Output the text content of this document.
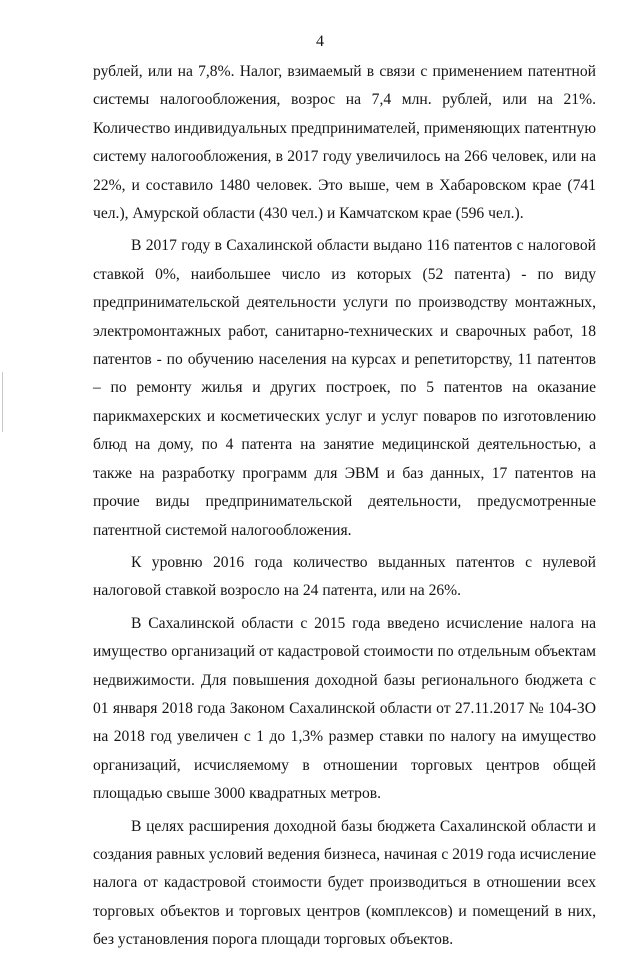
4

рублей, или на 7,8%. Налог, взимаемый в связи с применением патентной системы налогообложения, возрос на 7,4 млн. рублей, или на 21%. Количество индивидуальных предпринимателей, применяющих патентную систему налогообложения, в 2017 году увеличилось на 266 человек, или на 22%, и составило 1480 человек. Это выше, чем в Хабаровском крае (741 чел.), Амурской области (430 чел.) и Камчатском крае (596 чел.).

В 2017 году в Сахалинской области выдано 116 патентов с налоговой ставкой 0%, наибольшее число из которых (52 патента) - по виду предпринимательской деятельности услуги по производству монтажных, электромонтажных работ, санитарно-технических и сварочных работ, 18 патентов - по обучению населения на курсах и репетиторству, 11 патентов – по ремонту жилья и других построек, по 5 патентов на оказание парикмахерских и косметических услуг и услуг поваров по изготовлению блюд на дому, по 4 патента на занятие медицинской деятельностью, а также на разработку программ для ЭВМ и баз данных, 17 патентов на прочие виды предпринимательской деятельности, предусмотренные патентной системой налогообложения.

К уровню 2016 года количество выданных патентов с нулевой налоговой ставкой возросло на 24 патента, или на 26%.

В Сахалинской области с 2015 года введено исчисление налога на имущество организаций от кадастровой стоимости по отдельным объектам недвижимости. Для повышения доходной базы регионального бюджета с 01 января 2018 года Законом Сахалинской области от 27.11.2017 № 104-ЗО на 2018 год увеличен с 1 до 1,3% размер ставки по налогу на имущество организаций, исчисляемому в отношении торговых центров общей площадью свыше 3000 квадратных метров.

В целях расширения доходной базы бюджета Сахалинской области и создания равных условий ведения бизнеса, начиная с 2019 года исчисление налога от кадастровой стоимости будет производиться в отношении всех торговых объектов и торговых центров (комплексов) и помещений в них, без установления порога площади торговых объектов.
